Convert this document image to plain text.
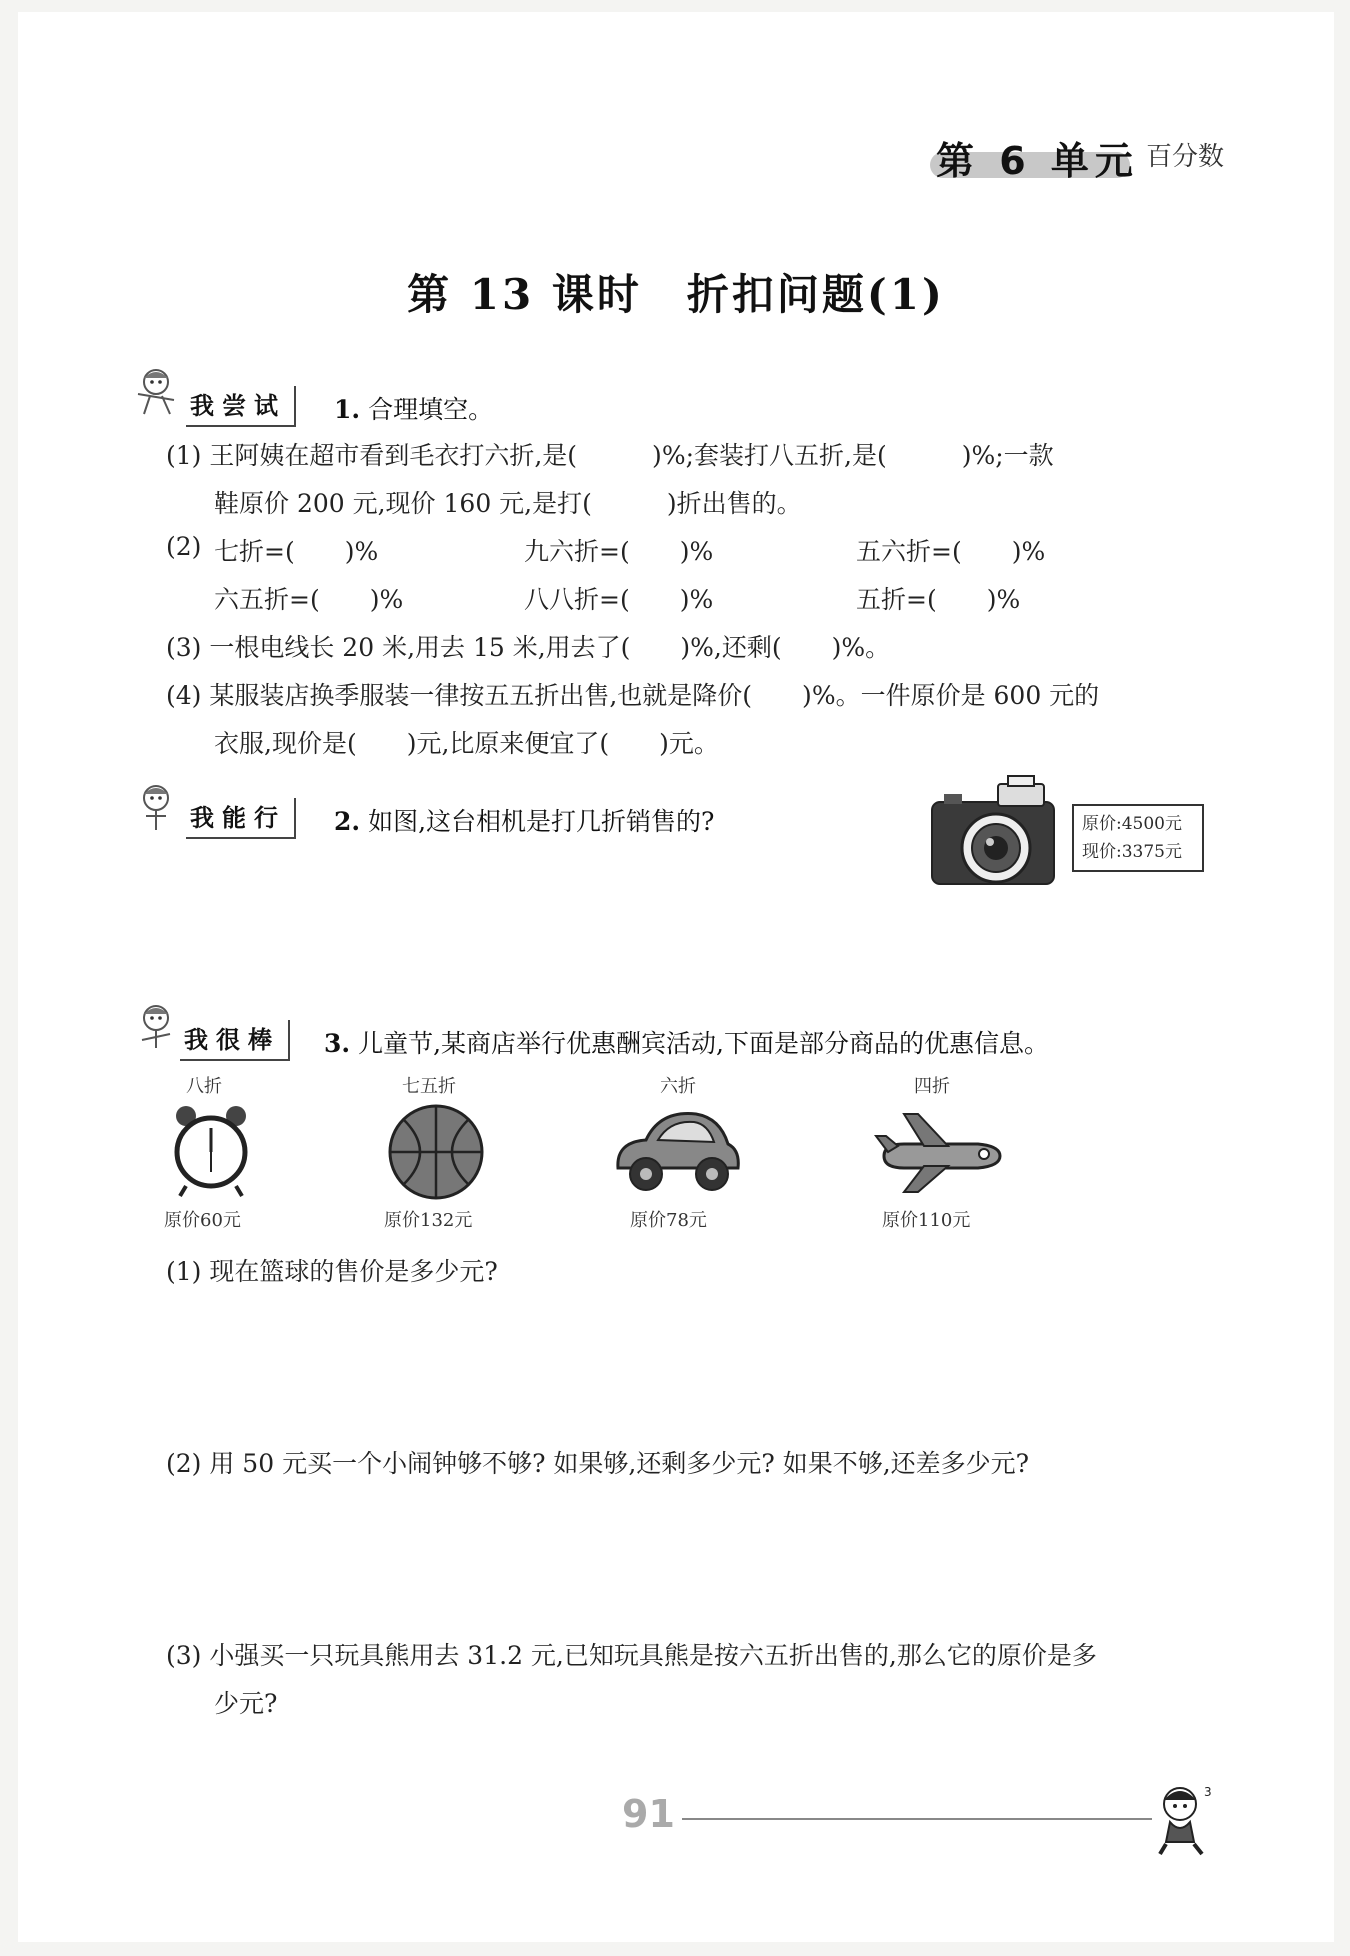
第 6 单元 百分数
第 13 课时　折扣问题(1)
我尝试	1. 合理填空。
(1) 王阿姨在超市看到毛衣打六折,是(　　　)%;套装打八五折,是(　　　)%;一款
鞋原价 200 元,现价 160 元,是打(　　　)折出售的。
(2) 七折=(　　)%	九六折=(　　)%	五六折=(　　)%
六五折=(　　)%	八八折=(　　)%	五折=(　　)%
(3) 一根电线长 20 米,用去 15 米,用去了(　　)%,还剩(　　)%。
(4) 某服装店换季服装一律按五五折出售,也就是降价(　　)%。一件原价是 600 元的
衣服,现价是(　　)元,比原来便宜了(　　)元。
我能行	2. 如图,这台相机是打几折销售的?	原价:4500元
现价:3375元
我很棒	3. 儿童节,某商店举行优惠酬宾活动,下面是部分商品的优惠信息。
八折
原价60元
七五折
原价132元
六折
原价78元
四折
原价110元
(1) 现在篮球的售价是多少元?
(2) 用 50 元买一个小闹钟够不够? 如果够,还剩多少元? 如果不够,还差多少元?
(3) 小强买一只玩具熊用去 31.2 元,已知玩具熊是按六五折出售的,那么它的原价是多
少元?
91	3
